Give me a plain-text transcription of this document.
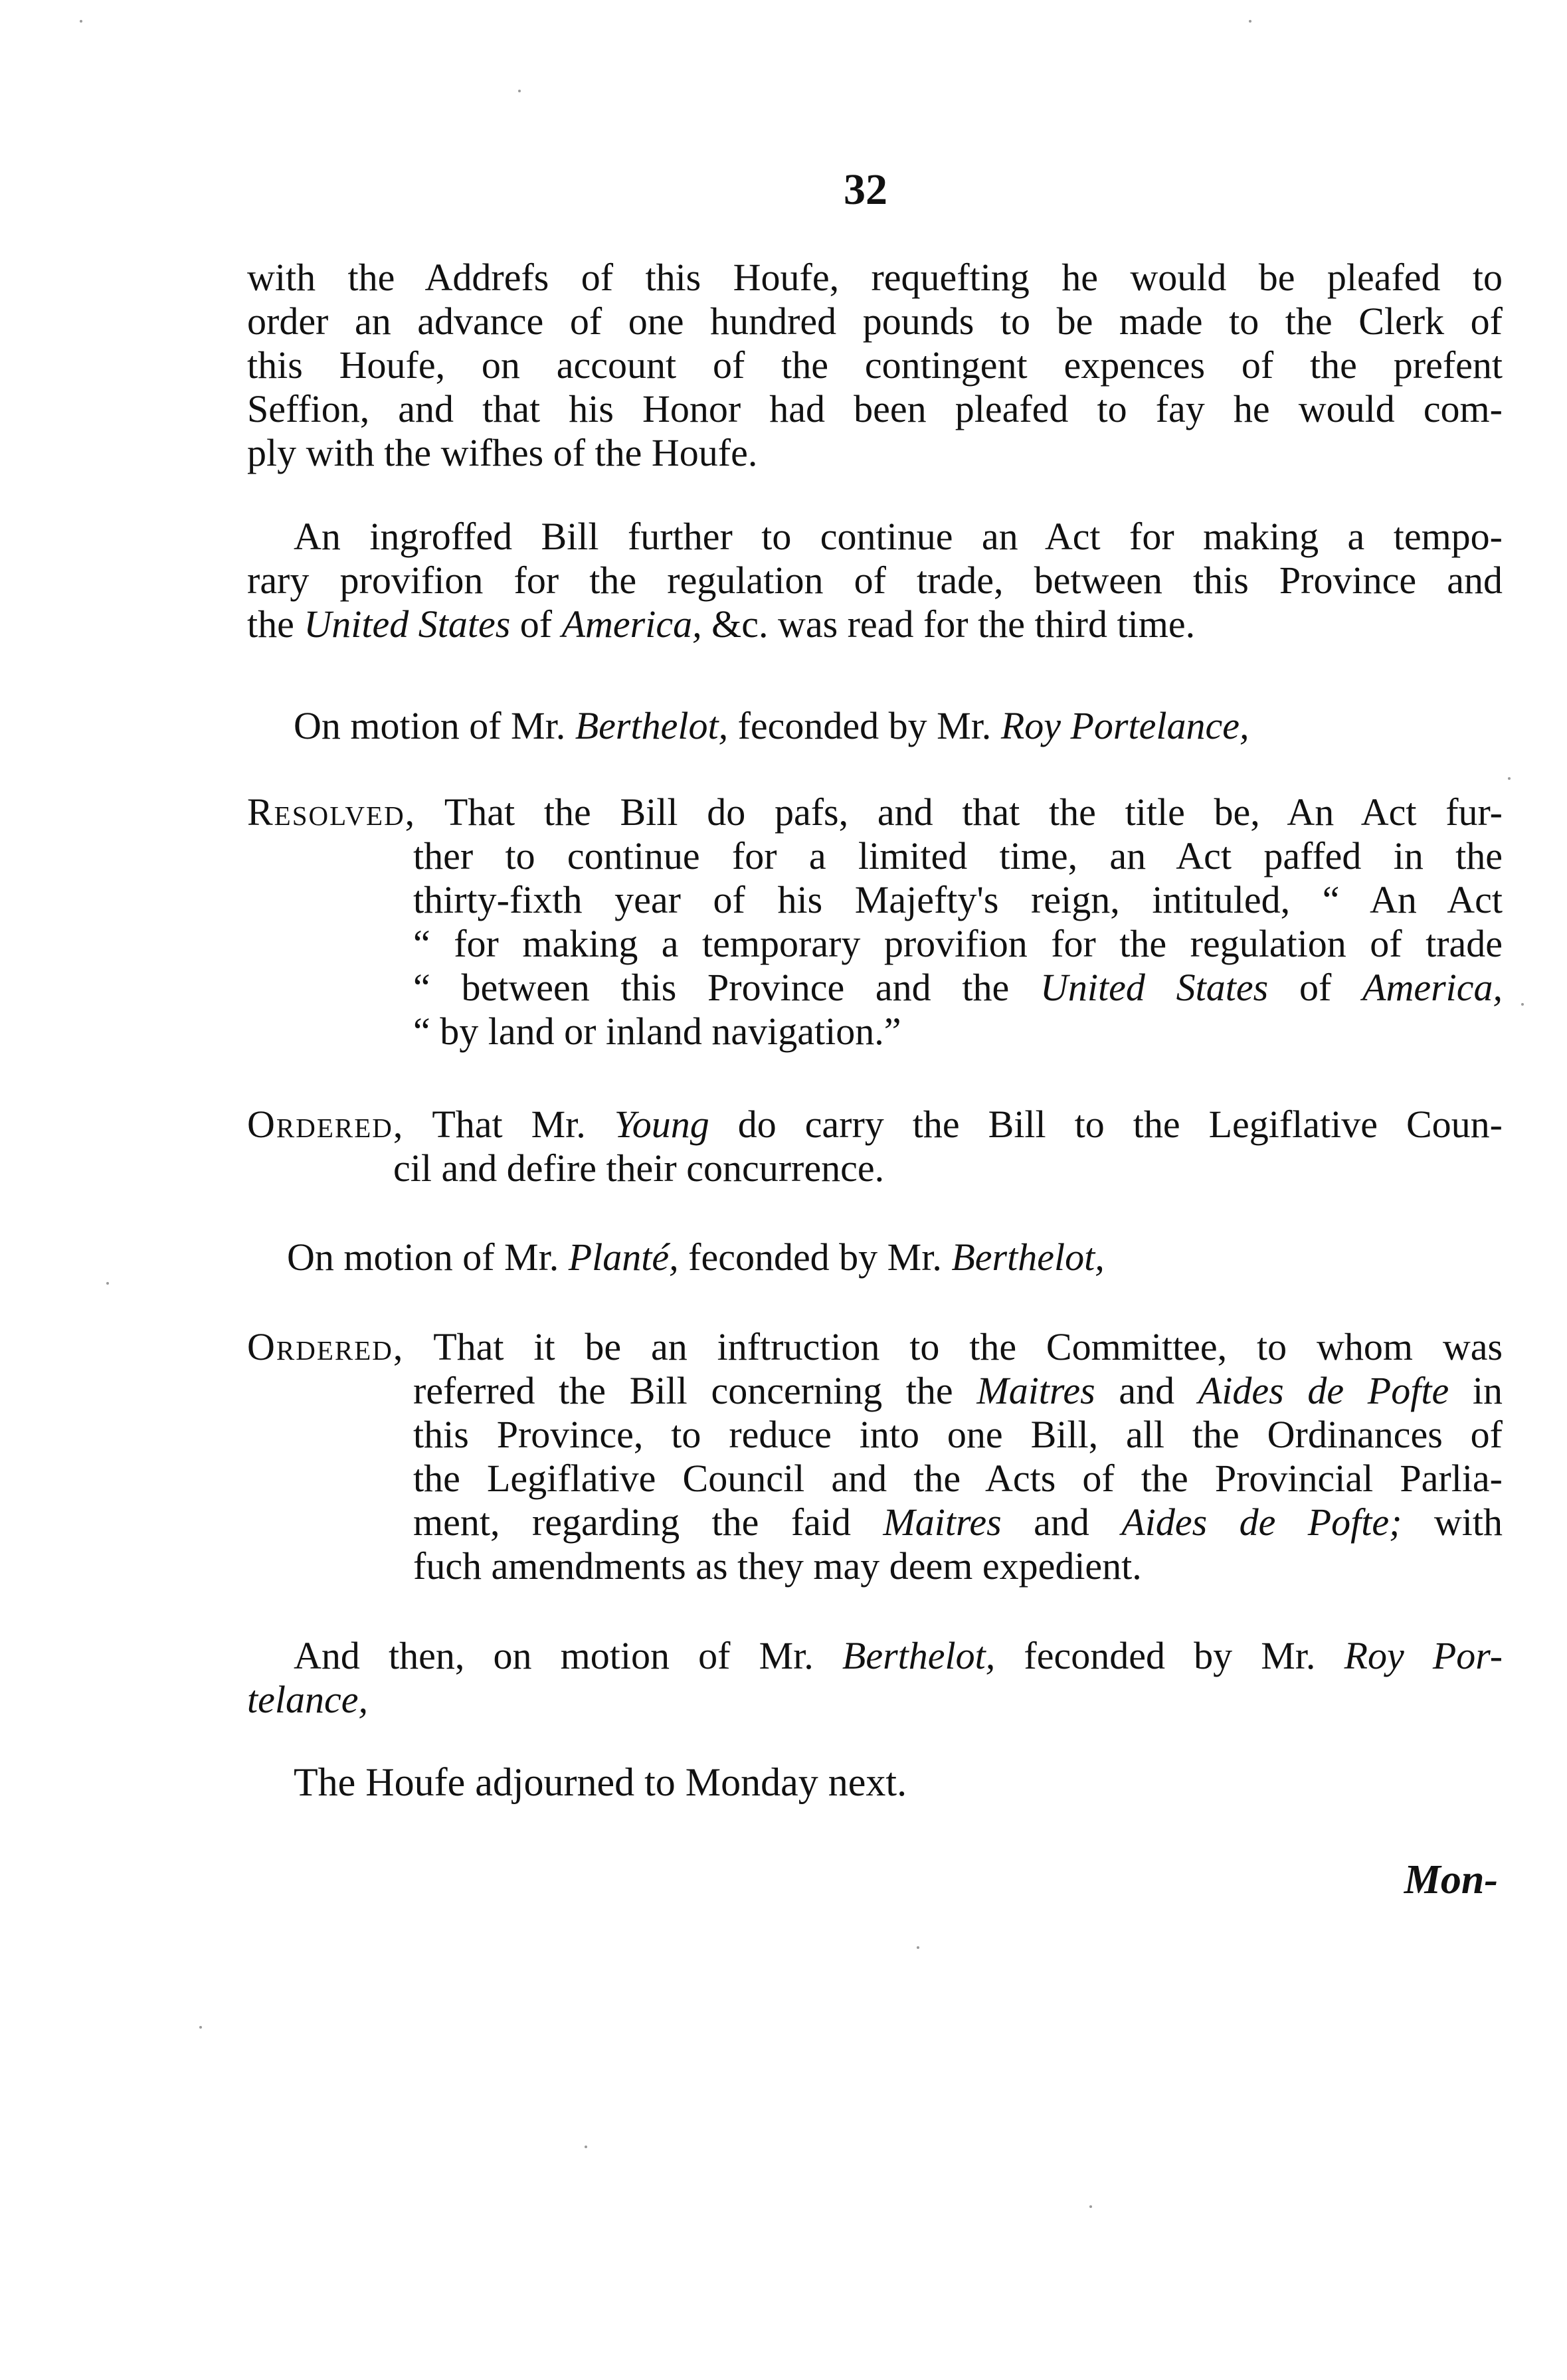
32
with the Addrefs of this Houfe, requefting he would be pleafed to
order an advance of one hundred pounds to be made to the Clerk of
this Houfe, on account of the contingent expences of the prefent
Seffion, and that his Honor had been pleafed to fay he would com-
ply with the wifhes of the Houfe.
An ingroffed Bill further to continue an Act for making a tempo-
rary provifion for the regulation of trade, between this Province and
the United States of America, &c. was read for the third time.
On motion of Mr. Berthelot, feconded by Mr. Roy Portelance,
Resolved, That the Bill do pafs, and that the title be, An Act fur-
ther to continue for a limited time, an Act paffed in the
thirty-fixth year of his Majefty's reign, intituled, “ An Act
“ for making a temporary provifion for the regulation of trade
“ between this Province and the United States of America,
“ by land or inland navigation.”
Ordered, That Mr. Young do carry the Bill to the Legiflative Coun-
cil and defire their concurrence.
On motion of Mr. Planté, feconded by Mr. Berthelot,
Ordered, That it be an inftruction to the Committee, to whom was
referred the Bill concerning the Maitres and Aides de Pofte in
this Province, to reduce into one Bill, all the Ordinances of
the Legiflative Council and the Acts of the Provincial Parlia-
ment, regarding the faid Maitres and Aides de Pofte; with
fuch amendments as they may deem expedient.
And then, on motion of Mr. Berthelot, feconded by Mr. Roy Por-
telance,
The Houfe adjourned to Monday next.
Mon-
